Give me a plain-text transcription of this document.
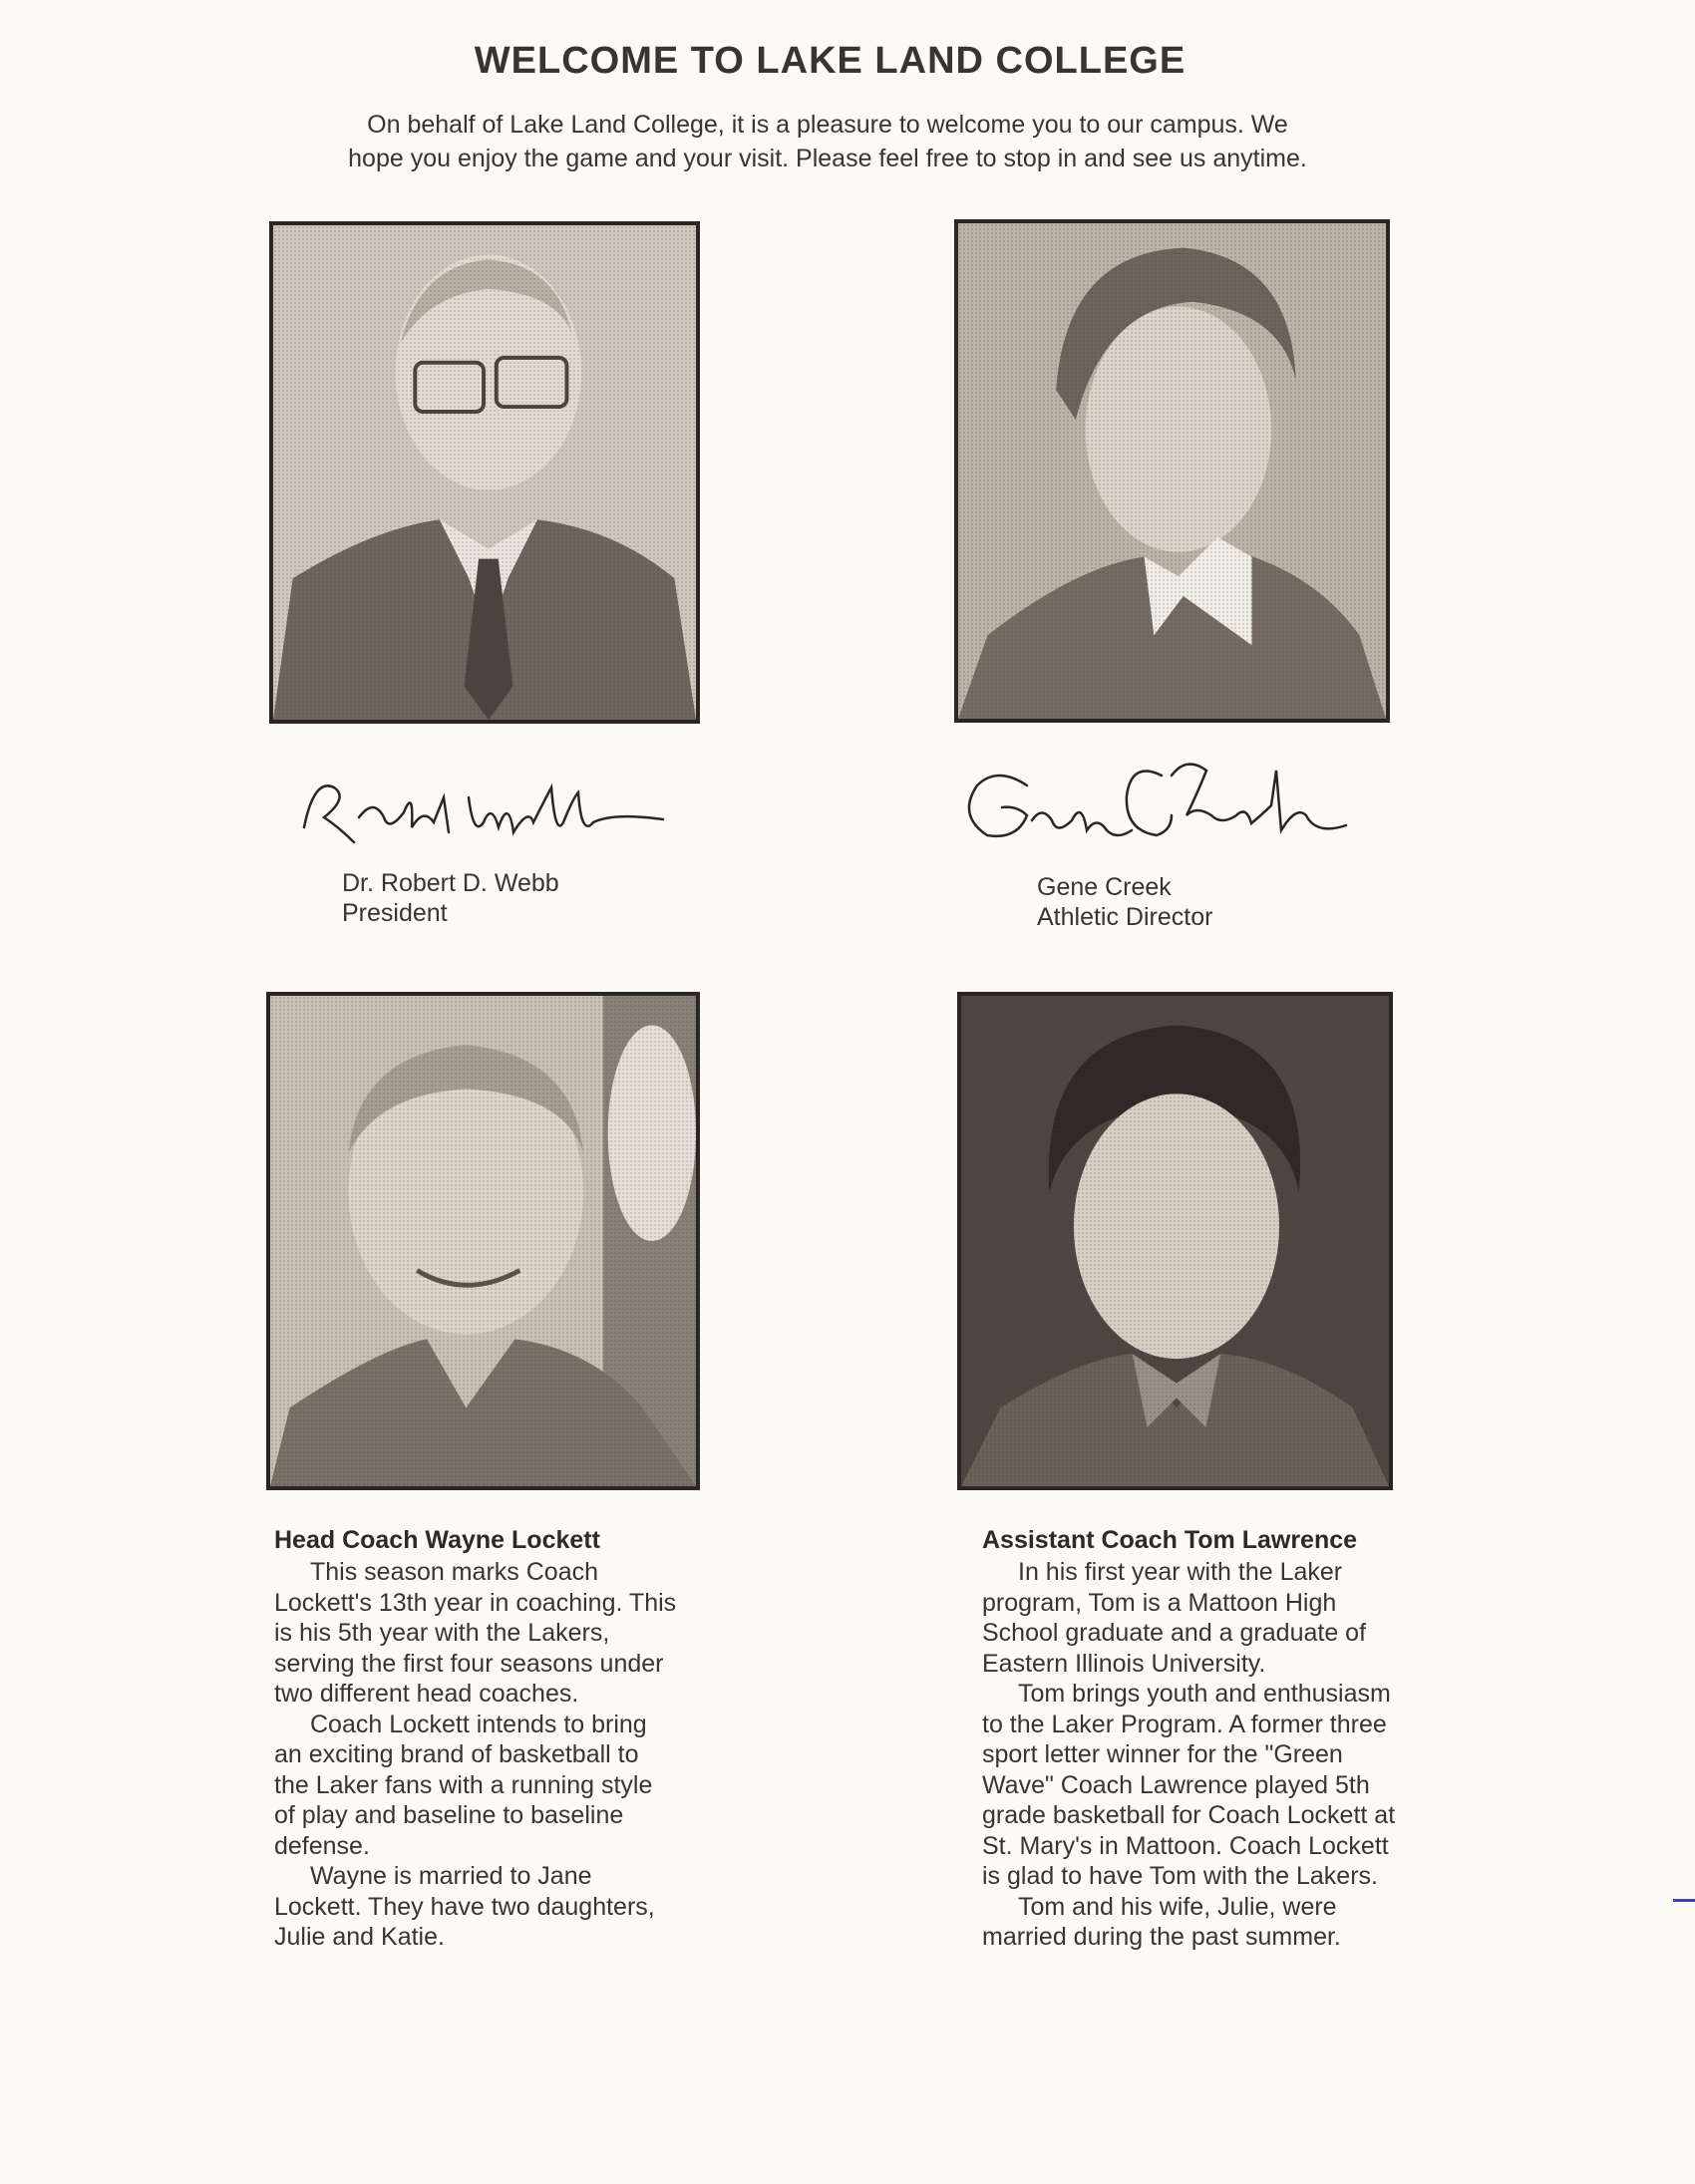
WELCOME TO LAKE LAND COLLEGE
On behalf of Lake Land College, it is a pleasure to welcome you to our campus. We
hope you enjoy the game and your visit. Please feel free to stop in and see us anytime.
Dr. Robert D. Webb
President
Gene Creek
Athletic Director
Head Coach Wayne Lockett

This season marks Coach Lockett's 13th year in coaching. This is his 5th year with the Lakers, serving the first four seasons under two different head coaches.

Coach Lockett intends to bring an exciting brand of basketball to the Laker fans with a running style of play and baseline to baseline defense.

Wayne is married to Jane Lockett. They have two daughters, Julie and Katie.

Assistant Coach Tom Lawrence

In his first year with the Laker program, Tom is a Mattoon High School graduate and a graduate of Eastern Illinois University.

Tom brings youth and enthusiasm to the Laker Program. A former three sport letter winner for the "Green Wave" Coach Lawrence played 5th grade basketball for Coach Lockett at St. Mary's in Mattoon. Coach Lockett is glad to have Tom with the Lakers.

Tom and his wife, Julie, were married during the past summer.
